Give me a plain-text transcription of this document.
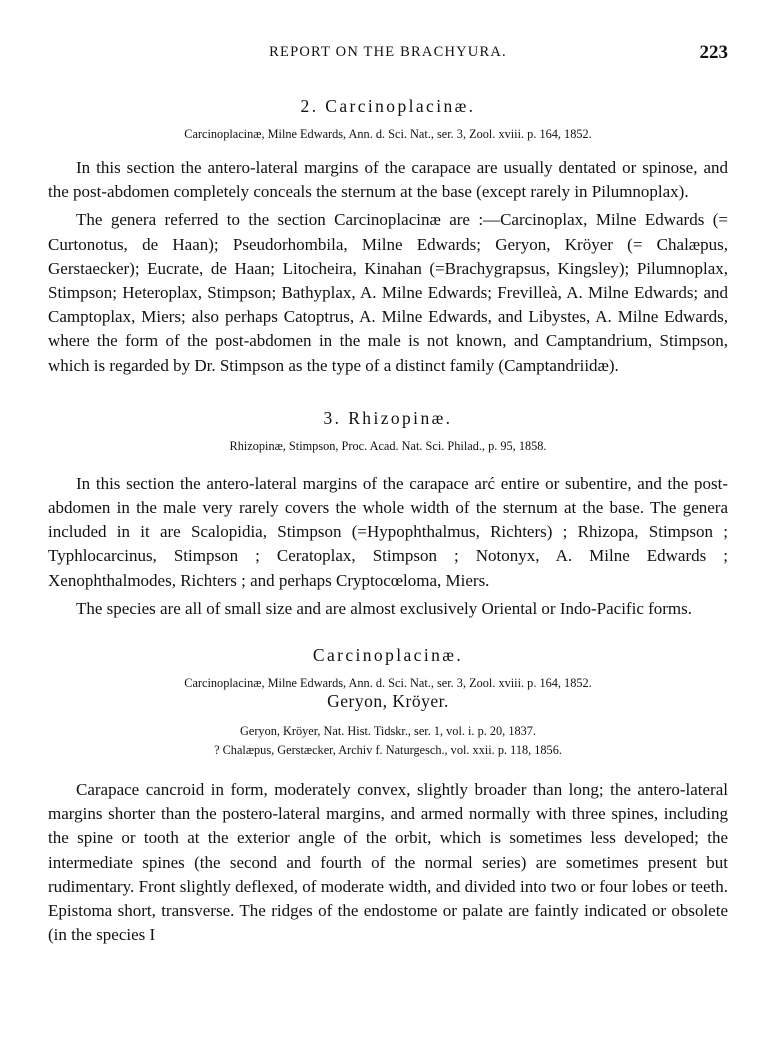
REPORT ON THE BRACHYURA.	223

2. Carcinoplacinæ.

Carcinoplacinæ, Milne Edwards, Ann. d. Sci. Nat., ser. 3, Zool. xviii. p. 164, 1852.

In this section the antero-lateral margins of the carapace are usually dentated or spinose, and the post-abdomen completely conceals the sternum at the base (except rarely in Pilumnoplax).

The genera referred to the section Carcinoplacinæ are :—Carcinoplax, Milne Edwards (= Curtonotus, de Haan); Pseudorhombila, Milne Edwards; Geryon, Kröyer (= Chalæpus, Gerstaecker); Eucrate, de Haan; Litocheira, Kinahan (=Brachygrapsus, Kingsley); Pilumnoplax, Stimpson; Heteroplax, Stimpson; Bathyplax, A. Milne Edwards; Frevilleà, A. Milne Edwards; and Camptoplax, Miers; also perhaps Catoptrus, A. Milne Edwards, and Libystes, A. Milne Edwards, where the form of the post-abdomen in the male is not known, and Camptandrium, Stimpson, which is regarded by Dr. Stimpson as the type of a distinct family (Camptandriidæ).

3. Rhizopinæ.

Rhizopinæ, Stimpson, Proc. Acad. Nat. Sci. Philad., p. 95, 1858.

In this section the antero-lateral margins of the carapace arć entire or subentire, and the post-abdomen in the male very rarely covers the whole width of the sternum at the base. The genera included in it are Scalopidia, Stimpson (=Hypophthalmus, Richters) ; Rhizopa, Stimpson ; Typhlocarcinus, Stimpson ; Ceratoplax, Stimpson ; Notonyx, A. Milne Edwards ; Xenophthalmodes, Richters ; and perhaps Cryptocœloma, Miers.

The species are all of small size and are almost exclusively Oriental or Indo-Pacific forms.

Carcinoplacinæ.

Carcinoplacinæ, Milne Edwards, Ann. d. Sci. Nat., ser. 3, Zool. xviii. p. 164, 1852.

Geryon, Kröyer.

Geryon, Kröyer, Nat. Hist. Tidskr., ser. 1, vol. i. p. 20, 1837.

? Chalæpus, Gerstæcker, Archiv f. Naturgesch., vol. xxii. p. 118, 1856.

Carapace cancroid in form, moderately convex, slightly broader than long; the antero-lateral margins shorter than the postero-lateral margins, and armed normally with three spines, including the spine or tooth at the exterior angle of the orbit, which is sometimes less developed; the intermediate spines (the second and fourth of the normal series) are sometimes present but rudimentary. Front slightly deflexed, of moderate width, and divided into two or four lobes or teeth. Epistoma short, transverse. The ridges of the endostome or palate are faintly indicated or obsolete (in the species I
